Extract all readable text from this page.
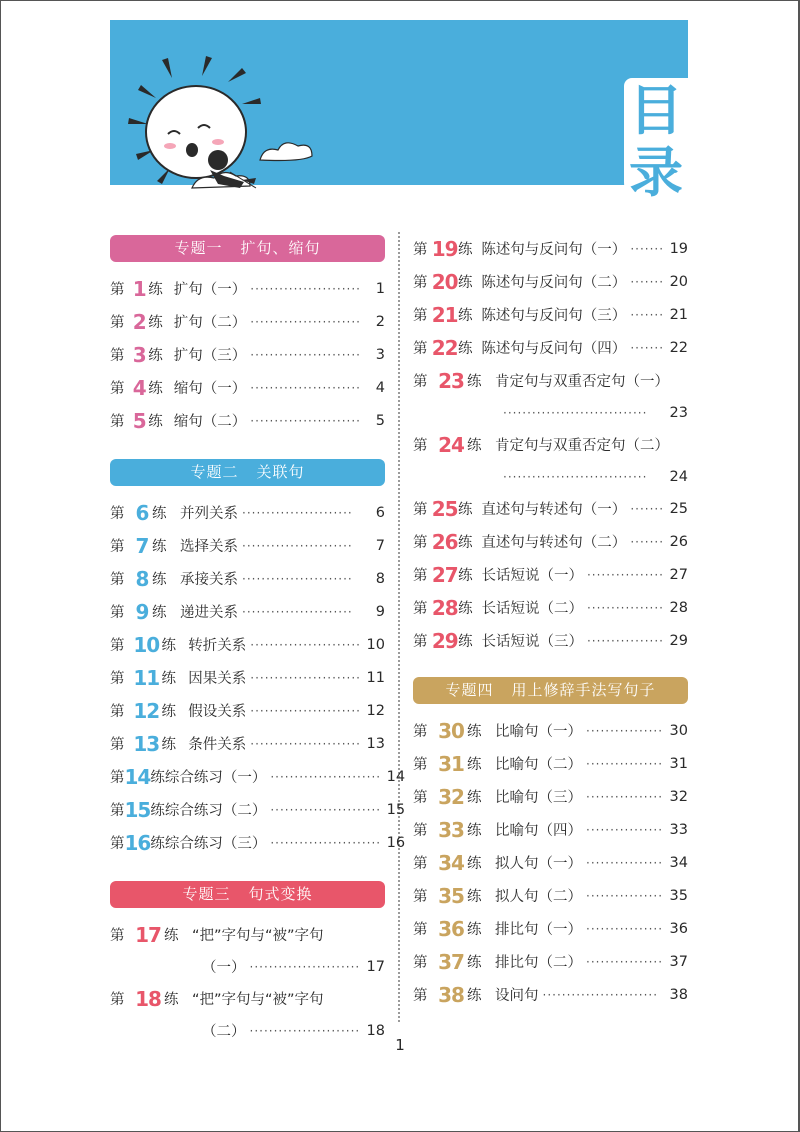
目
录
专题一 扩句、缩句
第 1 练 扩句（一） ·······················	1
第 2 练 扩句（二） ·······················	2
第 3 练 扩句（三） ·······················	3
第 4 练 缩句（一） ·······················	4
第 5 练 缩句（二） ·······················	5
专题二 关联句
第 6 练 并列关系 ·······················	6
第 7 练 选择关系 ·······················	7
第 8 练 承接关系 ·······················	8
第 9 练 递进关系 ·······················	9
第 10 练 转折关系 ······················· 10
第 11 练 因果关系 ······················· 11
第 12 练 假设关系 ······················· 12
第 13 练 条件关系 ······················· 13
第 14 练 综合练习（一） ······················· 14
第 15 练 综合练习（二） ······················· 15
第 16 练 综合练习（三） ······················· 16
专题三 句式变换
第 17 练 “把”字句与“被”字句
（一） ······················· 17
第 18 练 “把”字句与“被”字句
（二） ······················· 18
第 19 练 陈述句与反问句（一） ······· 19
第 20 练 陈述句与反问句（二） ······· 20
第 21 练 陈述句与反问句（三） ······· 21
第 22 练 陈述句与反问句（四） ······· 22
第 23 练 肯定句与双重否定句（一）
······························	23
第 24 练 肯定句与双重否定句（二）
······························	24
第 25 练 直述句与转述句（一） ······· 25
第 26 练 直述句与转述句（二） ······· 26
第 27 练 长话短说（一） ················ 27
第 28 练 长话短说（二） ················ 28
第 29 练 长话短说（三） ················ 29
专题四 用上修辞手法写句子
第 30 练 比喻句（一） ················ 30
第 31 练 比喻句（二） ················ 31
第 32 练 比喻句（三） ················ 32
第 33 练 比喻句（四） ················ 33
第 34 练 拟人句（一） ················ 34
第 35 练 拟人句（二） ················ 35
第 36 练 排比句（一） ················ 36
第 37 练 排比句（二） ················ 37
第 38 练 设问句 ························ 38
1
